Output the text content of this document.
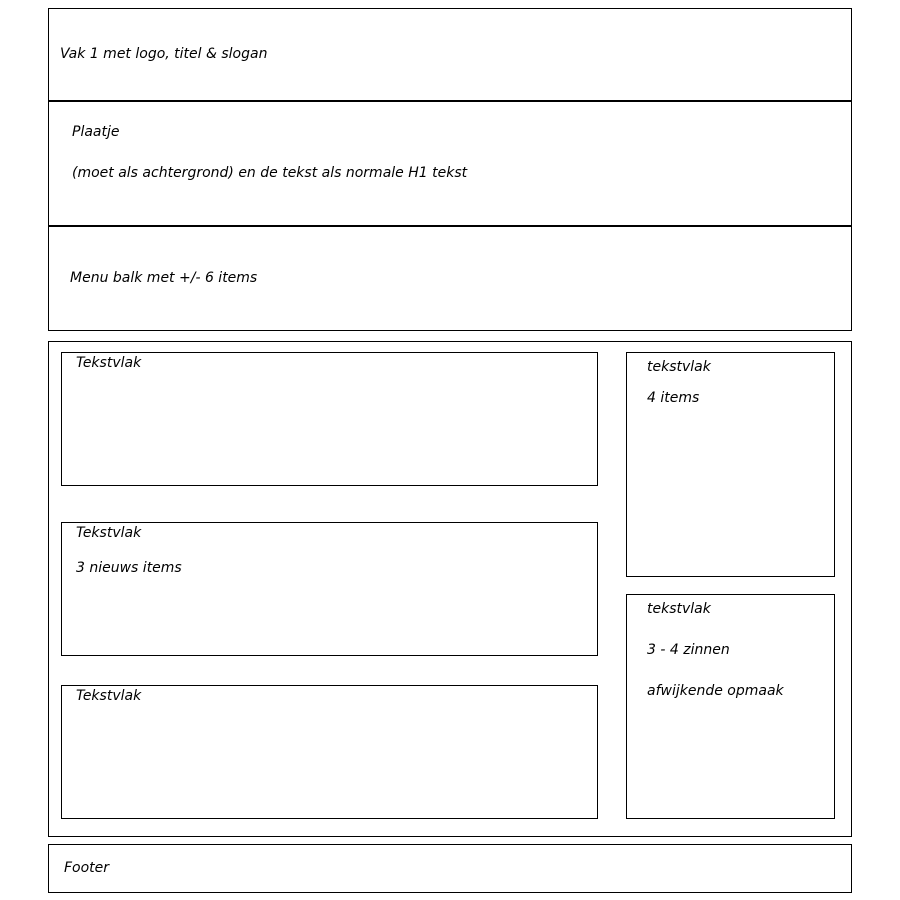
Vak 1 met logo, titel & slogan
Plaatje
(moet als achtergrond) en de tekst als normale H1 tekst
Menu balk met +/- 6 items
Tekstvlak
Tekstvlak
3 nieuws items
Tekstvlak
tekstvlak
4 items
tekstvlak
3 - 4 zinnen
afwijkende opmaak
Footer
